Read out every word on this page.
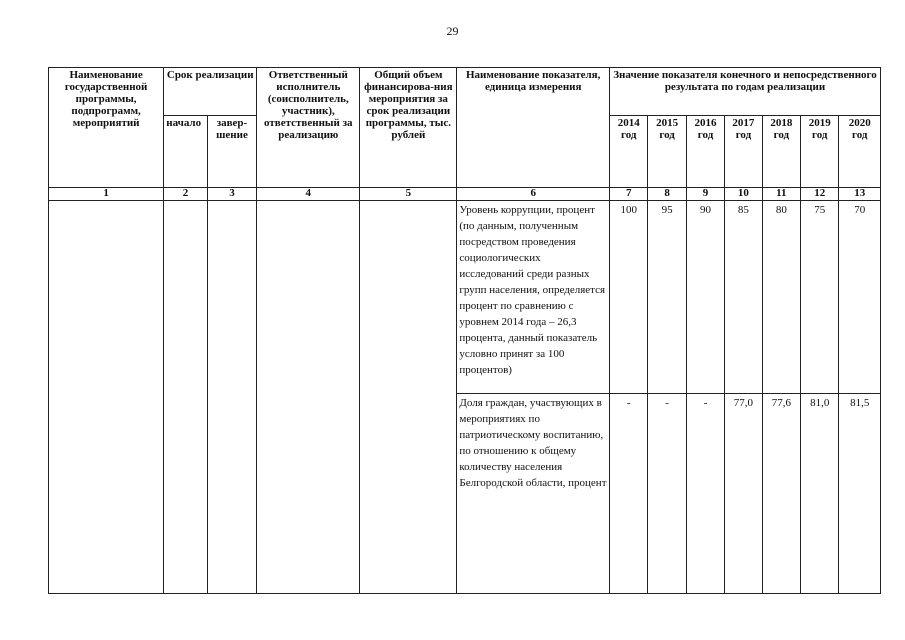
29
Наименование государственной программы, подпрограмм, мероприятий	Срок реализации		Ответственный исполнитель (соисполнитель, участник), ответственный за реализацию	Общий объем финансирова-ния мероприятия за срок реализации программы, тыс. рублей	Наименование показателя, единица измерения	Значение показателя конечного и непосредственного результата по годам реализации						
	начало	завер-шение				2014 год	2015 год	2016 год	2017 год	2018 год	2019 год	2020 год
1	2	3	4	5	6	7	8	9	10	11	12	13
					Уровень коррупции, процент (по данным, полученным посредством проведения социологических исследований среди разных групп населения, определяется процент по сравнению с уровнем 2014 года – 26,3 процента, данный показатель условно принят за 100 процентов)	100	95	90	85	80	75	70
					Доля граждан, участвующих в мероприятиях по патриотическому воспитанию, по отношению к общему количеству населения Белгородской области, процент	-	-	-	77,0	77,6	81,0	81,5
